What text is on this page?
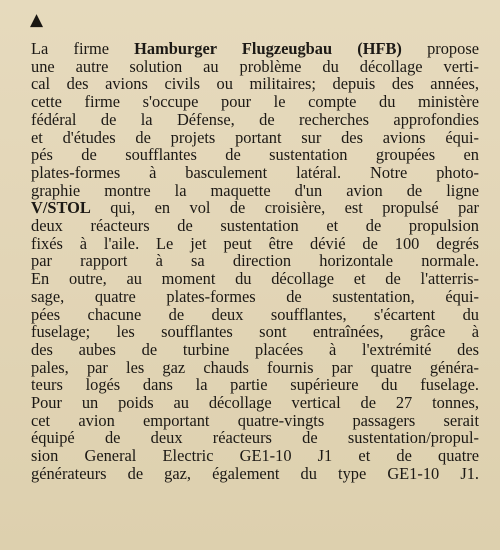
▲
La firme Hamburger Flugzeugbau (HFB) propose
une autre solution au problème du décollage verti-
cal des avions civils ou militaires; depuis des années,
cette firme s'occupe pour le compte du ministère
fédéral de la Défense, de recherches approfondies
et d'études de projets portant sur des avions équi-
pés de soufflantes de sustentation groupées en
plates-formes à basculement latéral. Notre photo-
graphie montre la maquette d'un avion de ligne
V/STOL qui, en vol de croisière, est propulsé par
deux réacteurs de sustentation et de propulsion
fixés à l'aile. Le jet peut être dévié de 100 degrés
par rapport à sa direction horizontale normale.
En outre, au moment du décollage et de l'atterris-
sage, quatre plates-formes de sustentation, équi-
pées chacune de deux soufflantes, s'écartent du
fuselage; les soufflantes sont entraînées, grâce à
des aubes de turbine placées à l'extrémité des
pales, par les gaz chauds fournis par quatre généra-
teurs logés dans la partie supérieure du fuselage.
Pour un poids au décollage vertical de 27 tonnes,
cet avion emportant quatre-vingts passagers serait
équipé de deux réacteurs de sustentation/propul-
sion General Electric GE1-10 J1 et de quatre
générateurs de gaz, également du type GE1-10 J1.
